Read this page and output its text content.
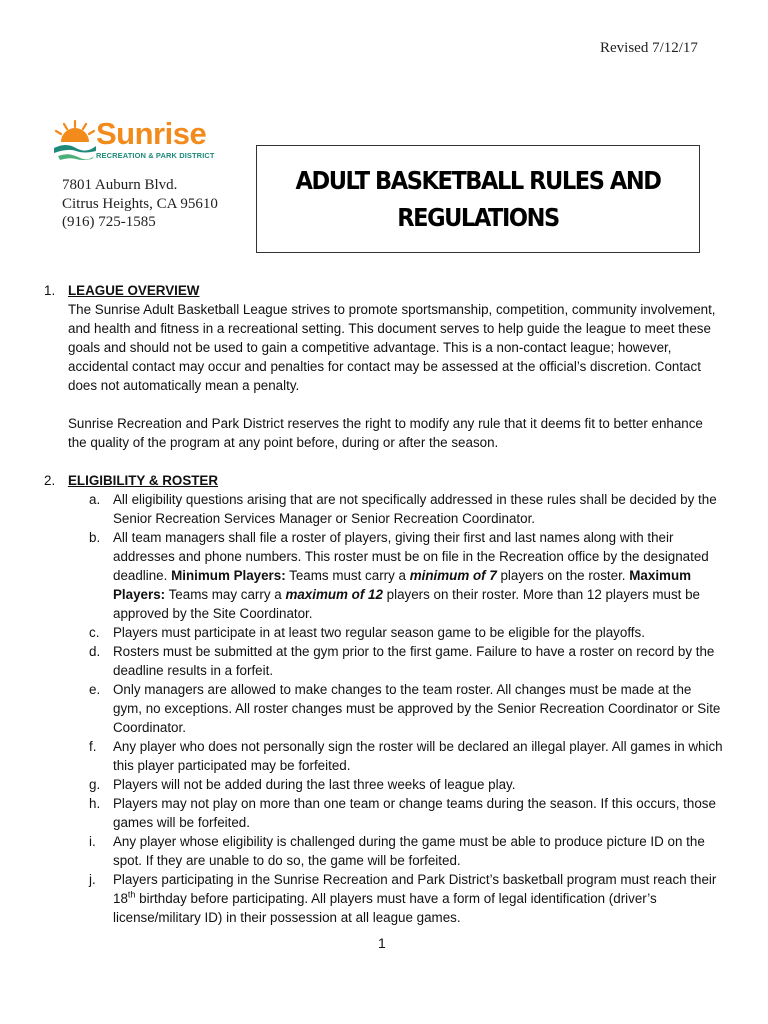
Revised 7/12/17
Sunrise
RECREATION & PARK DISTRICT
7801 Auburn Blvd.
Citrus Heights, CA 95610
(916) 725-1585
ADULT BASKETBALL RULES AND REGULATIONS
1. LEAGUE OVERVIEW

The Sunrise Adult Basketball League strives to promote sportsmanship, competition, community involvement, and health and fitness in a recreational setting. This document serves to help guide the league to meet these goals and should not be used to gain a competitive advantage. This is a non-contact league; however, accidental contact may occur and penalties for contact may be assessed at the official’s discretion. Contact does not automatically mean a penalty.

Sunrise Recreation and Park District reserves the right to modify any rule that it deems fit to better enhance the quality of the program at any point before, during or after the season.

2. ELIGIBILITY & ROSTER
a. All eligibility questions arising that are not specifically addressed in these rules shall be decided by the Senior Recreation Services Manager or Senior Recreation Coordinator.
b. All team managers shall file a roster of players, giving their first and last names along with their addresses and phone numbers. This roster must be on file in the Recreation office by the designated deadline. Minimum Players: Teams must carry a minimum of 7 players on the roster. Maximum Players: Teams may carry a maximum of 12 players on their roster. More than 12 players must be approved by the Site Coordinator.
c.	Players must participate in at least two regular season game to be eligible for the playoffs.
d. Rosters must be submitted at the gym prior to the first game. Failure to have a roster on record by the deadline results in a forfeit.
e. Only managers are allowed to make changes to the team roster. All changes must be made at the gym, no exceptions. All roster changes must be approved by the Senior Recreation Coordinator or Site Coordinator.
f.	Any player who does not personally sign the roster will be declared an illegal player. All games in which this player participated may be forfeited.
g. Players will not be added during the last three weeks of league play.
h. Players may not play on more than one team or change teams during the season. If this occurs, those games will be forfeited.
i.	Any player whose eligibility is challenged during the game must be able to produce picture ID on the spot. If they are unable to do so, the game will be forfeited.
j.	Players participating in the Sunrise Recreation and Park District’s basketball program must reach their 18th birthday before participating. All players must have a form of legal identification (driver’s license/military ID) in their possession at all league games.
1
